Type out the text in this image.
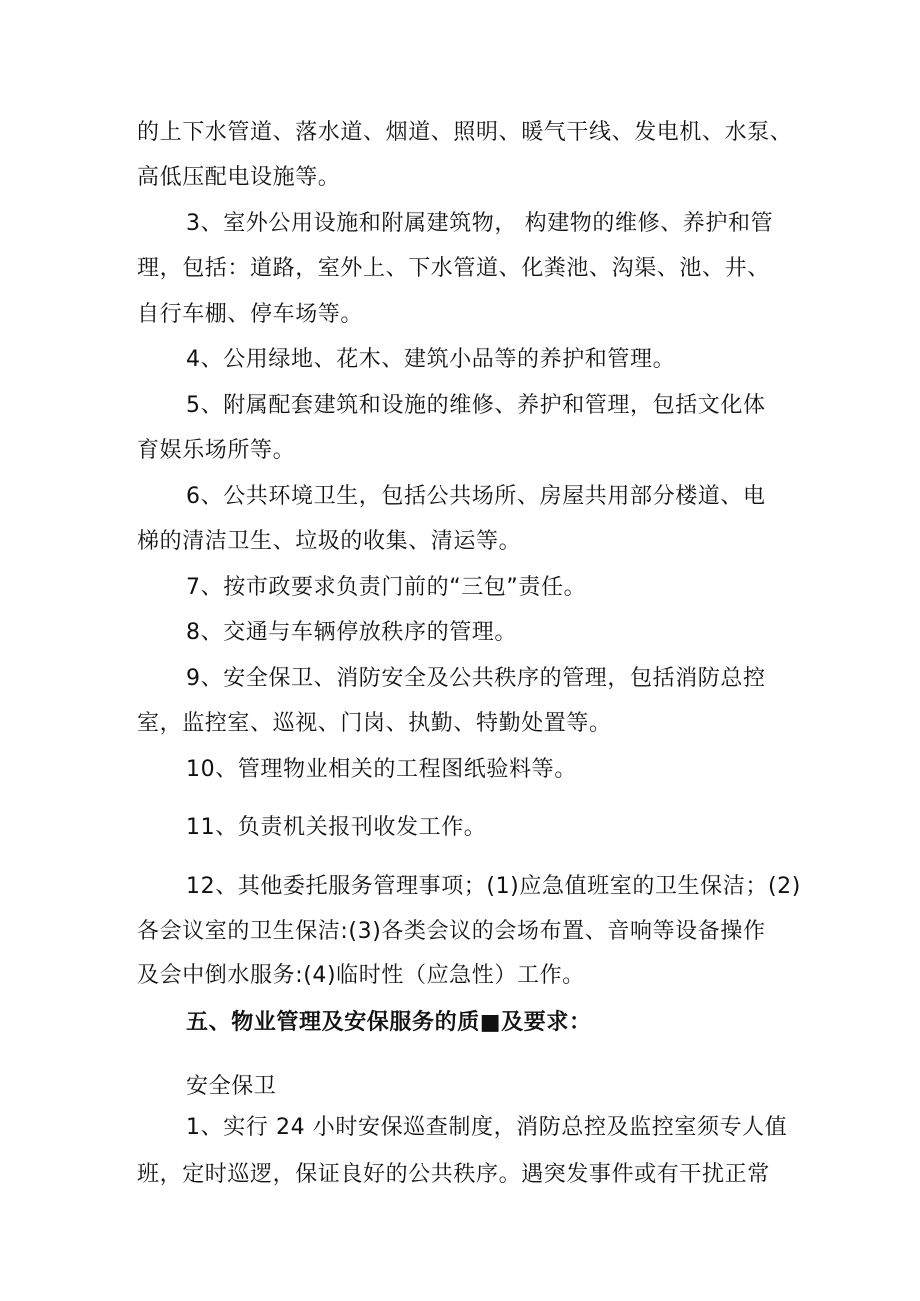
的上下水管道、落水道、烟道、照明、暖气干线、发电机、水泵、
高低压配电设施等。
3、室外公用设施和附属建筑物， 构建物的维修、养护和管
理，包括：道路，室外上、下水管道、化粪池、沟渠、池、井、
自行车棚、停车场等。
4、公用绿地、花木、建筑小品等的养护和管理。
5、附属配套建筑和设施的维修、养护和管理，包括文化体
育娱乐场所等。
6、公共环境卫生，包括公共场所、房屋共用部分楼道、电
梯的清洁卫生、垃圾的收集、清运等。
7、按市政要求负责门前的“三包”责任。
8、交通与车辆停放秩序的管理。
9、安全保卫、消防安全及公共秩序的管理，包括消防总控
室，监控室、巡视、门岗、执勤、特勤处置等。
10、管理物业相关的工程图纸验料等。
11、负责机关报刊收发工作。
12、其他委托服务管理事项；(1)应急值班室的卫生保洁；(2)
各会议室的卫生保洁:(3)各类会议的会场布置、音响等设备操作
及会中倒水服务:(4)临时性（应急性）工作。
五、物业管理及安保服务的质■及要求：
安全保卫
1、实行 24 小时安保巡查制度，消防总控及监控室须专人值
班，定时巡逻，保证良好的公共秩序。遇突发事件或有干扰正常
